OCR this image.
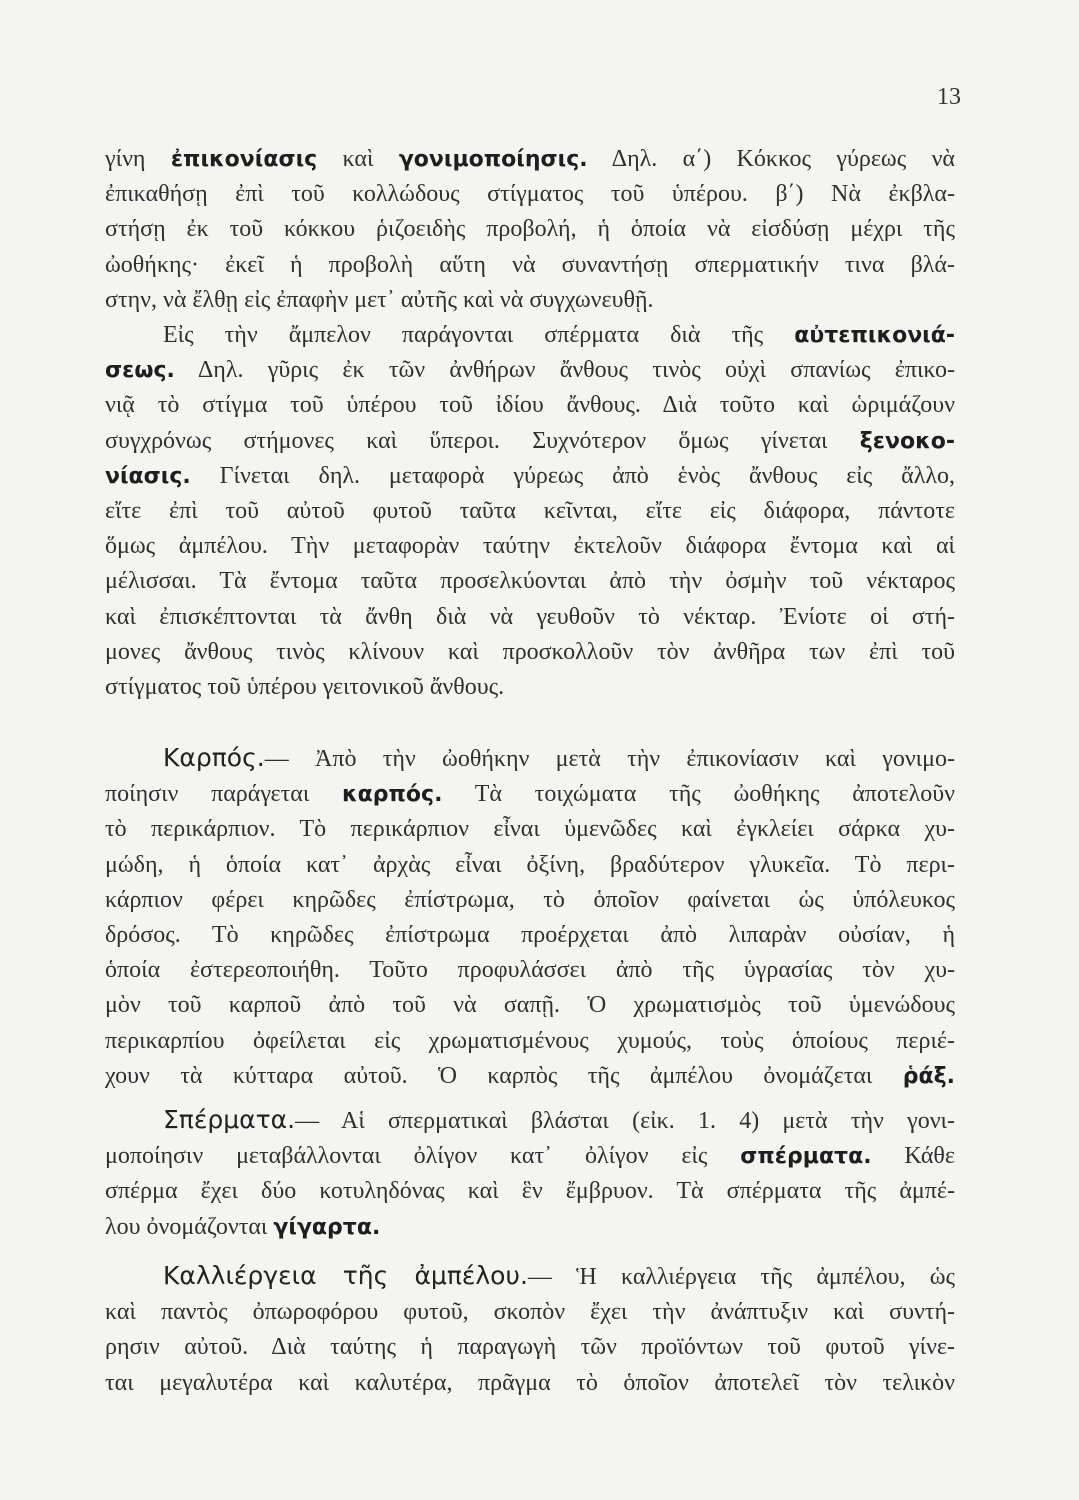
13
γίνη ἐπικονίασις καὶ γονιμοποίησις. Δηλ. α΄) Κόκκος γύρεως νὰ
ἐπικαθήσῃ ἐπὶ τοῦ κολλώδους στίγματος τοῦ ὑπέρου. β΄) Νὰ ἐκβλα-
στήσῃ ἐκ τοῦ κόκκου ῥιζοειδὴς προβολή, ἡ ὁποία νὰ εἰσδύσῃ μέχρι τῆς
ὠοθήκης· ἐκεῖ ἡ προβολὴ αὕτη νὰ συναντήσῃ σπερματικήν τινα βλά-
στην, νὰ ἔλθῃ εἰς ἐπαφὴν μετ᾽ αὐτῆς καὶ νὰ συγχωνευθῇ.
Εἰς τὴν ἄμπελον παράγονται σπέρματα διὰ τῆς αὐτεπικονιά-
σεως. Δηλ. γῦρις ἐκ τῶν ἀνθήρων ἄνθους τινὸς οὐχὶ σπανίως ἐπικο-
νιᾷ τὸ στίγμα τοῦ ὑπέρου τοῦ ἰδίου ἄνθους. Διὰ τοῦτο καὶ ὡριμάζουν
συγχρόνως στήμονες καὶ ὕπεροι. Συχνότερον ὅμως γίνεται ξενοκο-
νίασις. Γίνεται δηλ. μεταφορὰ γύρεως ἀπὸ ἑνὸς ἄνθους εἰς ἄλλο,
εἴτε ἐπὶ τοῦ αὐτοῦ φυτοῦ ταῦτα κεῖνται, εἴτε εἰς διάφορα, πάντοτε
ὅμως ἀμπέλου. Τὴν μεταφορὰν ταύτην ἐκτελοῦν διάφορα ἔντομα καὶ αἱ
μέλισσαι. Τὰ ἔντομα ταῦτα προσελκύονται ἀπὸ τὴν ὀσμὴν τοῦ νέκταρος
καὶ ἐπισκέπτονται τὰ ἄνθη διὰ νὰ γευθοῦν τὸ νέκταρ. Ἐνίοτε οἱ στή-
μονες ἄνθους τινὸς κλίνουν καὶ προσκολλοῦν τὸν ἀνθῆρα των ἐπὶ τοῦ
στίγματος τοῦ ὑπέρου γειτονικοῦ ἄνθους.
Καρπός.— Ἀπὸ τὴν ὠοθήκην μετὰ τὴν ἐπικονίασιν καὶ γονιμο-
ποίησιν παράγεται καρπός. Τὰ τοιχώματα τῆς ὠοθήκης ἀποτελοῦν
τὸ περικάρπιον. Τὸ περικάρπιον εἶναι ὑμενῶδες καὶ ἐγκλείει σάρκα χυ-
μώδη, ἡ ὁποία κατ᾽ ἀρχὰς εἶναι ὀξίνη, βραδύτερον γλυκεῖα. Τὸ περι-
κάρπιον φέρει κηρῶδες ἐπίστρωμα, τὸ ὁποῖον φαίνεται ὡς ὑπόλευκος
δρόσος. Τὸ κηρῶδες ἐπίστρωμα προέρχεται ἀπὸ λιπαρὰν οὐσίαν, ἡ
ὁποία ἐστερεοποιήθη. Τοῦτο προφυλάσσει ἀπὸ τῆς ὑγρασίας τὸν χυ-
μὸν τοῦ καρποῦ ἀπὸ τοῦ νὰ σαπῇ. Ὁ χρωματισμὸς τοῦ ὑμενώδους
περικαρπίου ὀφείλεται εἰς χρωματισμένους χυμούς, τοὺς ὁποίους περιέ-
χουν τὰ κύτταρα αὐτοῦ. Ὁ καρπὸς τῆς ἀμπέλου ὀνομάζεται ῥάξ.
Σπέρματα.— Αἱ σπερματικαὶ βλάσται (εἰκ. 1. 4) μετὰ τὴν γονι-
μοποίησιν μεταβάλλονται ὀλίγον κατ᾽ ὀλίγον εἰς σπέρματα. Κάθε
σπέρμα ἔχει δύο κοτυληδόνας καὶ ἓν ἔμβρυον. Τὰ σπέρματα τῆς ἀμπέ-
λου ὀνομάζονται γίγαρτα.
Καλλιέργεια τῆς ἀμπέλου.— Ἡ καλλιέργεια τῆς ἀμπέλου, ὡς
καὶ παντὸς ὀπωροφόρου φυτοῦ, σκοπὸν ἔχει τὴν ἀνάπτυξιν καὶ συντή-
ρησιν αὐτοῦ. Διὰ ταύτης ἡ παραγωγὴ τῶν προϊόντων τοῦ φυτοῦ γίνε-
ται μεγαλυτέρα καὶ καλυτέρα, πρᾶγμα τὸ ὁποῖον ἀποτελεῖ τὸν τελικὸν
